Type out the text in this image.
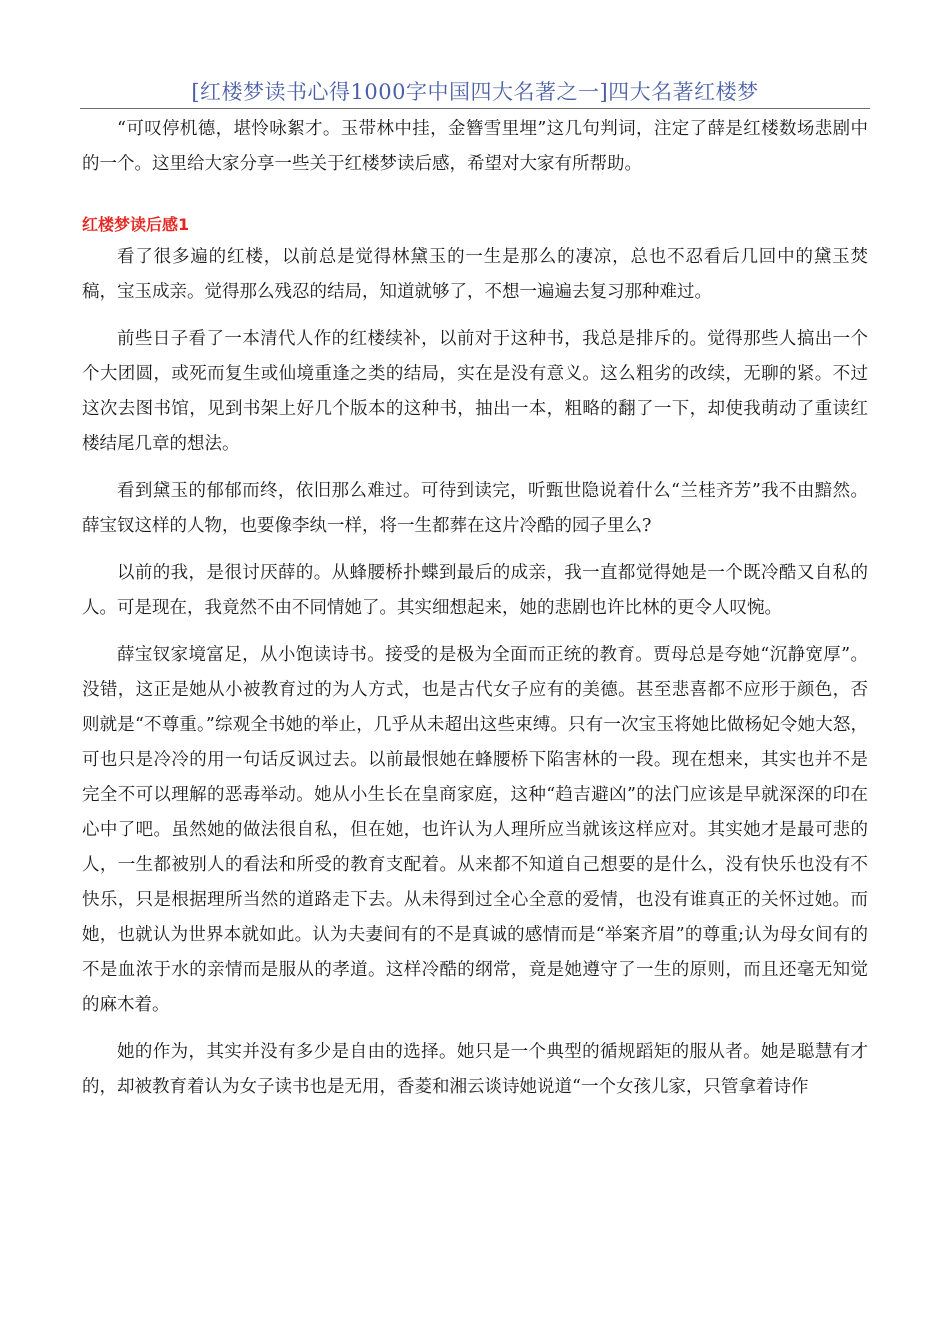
[红楼梦读书心得1000字中国四大名著之一]四大名著红楼梦

“可叹停机德，堪怜咏絮才。玉带林中挂，金簪雪里埋”这几句判词，注定了薛是红楼数场悲剧中的一个。这里给大家分享一些关于红楼梦读后感，希望对大家有所帮助。

红楼梦读后感1

看了很多遍的红楼，以前总是觉得林黛玉的一生是那么的凄凉，总也不忍看后几回中的黛玉焚稿，宝玉成亲。觉得那么残忍的结局，知道就够了，不想一遍遍去复习那种难过。

前些日子看了一本清代人作的红楼续补，以前对于这种书，我总是排斥的。觉得那些人搞出一个个大团圆，或死而复生或仙境重逢之类的结局，实在是没有意义。这么粗劣的改续，无聊的紧。不过这次去图书馆，见到书架上好几个版本的这种书，抽出一本，粗略的翻了一下，却使我萌动了重读红楼结尾几章的想法。

看到黛玉的郁郁而终，依旧那么难过。可待到读完，听甄世隐说着什么“兰桂齐芳”我不由黯然。薛宝钗这样的人物，也要像李纨一样，将一生都葬在这片冷酷的园子里么?

以前的我，是很讨厌薛的。从蜂腰桥扑蝶到最后的成亲，我一直都觉得她是一个既冷酷又自私的人。可是现在，我竟然不由不同情她了。其实细想起来，她的悲剧也许比林的更令人叹惋。

薛宝钗家境富足，从小饱读诗书。接受的是极为全面而正统的教育。贾母总是夸她“沉静宽厚”。没错，这正是她从小被教育过的为人方式，也是古代女子应有的美德。甚至悲喜都不应形于颜色，否则就是“不尊重。”综观全书她的举止，几乎从未超出这些束缚。只有一次宝玉将她比做杨妃令她大怒，可也只是冷冷的用一句话反讽过去。以前最恨她在蜂腰桥下陷害林的一段。现在想来，其实也并不是完全不可以理解的恶毒举动。她从小生长在皇商家庭，这种“趋吉避凶”的法门应该是早就深深的印在心中了吧。虽然她的做法很自私，但在她，也许认为人理所应当就该这样应对。其实她才是最可悲的人，一生都被别人的看法和所受的教育支配着。从来都不知道自己想要的是什么，没有快乐也没有不快乐，只是根据理所当然的道路走下去。从未得到过全心全意的爱情，也没有谁真正的关怀过她。而她，也就认为世界本就如此。认为夫妻间有的不是真诚的感情而是“举案齐眉”的尊重;认为母女间有的不是血浓于水的亲情而是服从的孝道。这样冷酷的纲常，竟是她遵守了一生的原则，而且还毫无知觉的麻木着。

她的作为，其实并没有多少是自由的选择。她只是一个典型的循规蹈矩的服从者。她是聪慧有才的，却被教育着认为女子读书也是无用，香菱和湘云谈诗她说道“一个女孩儿家，只管拿着诗作
